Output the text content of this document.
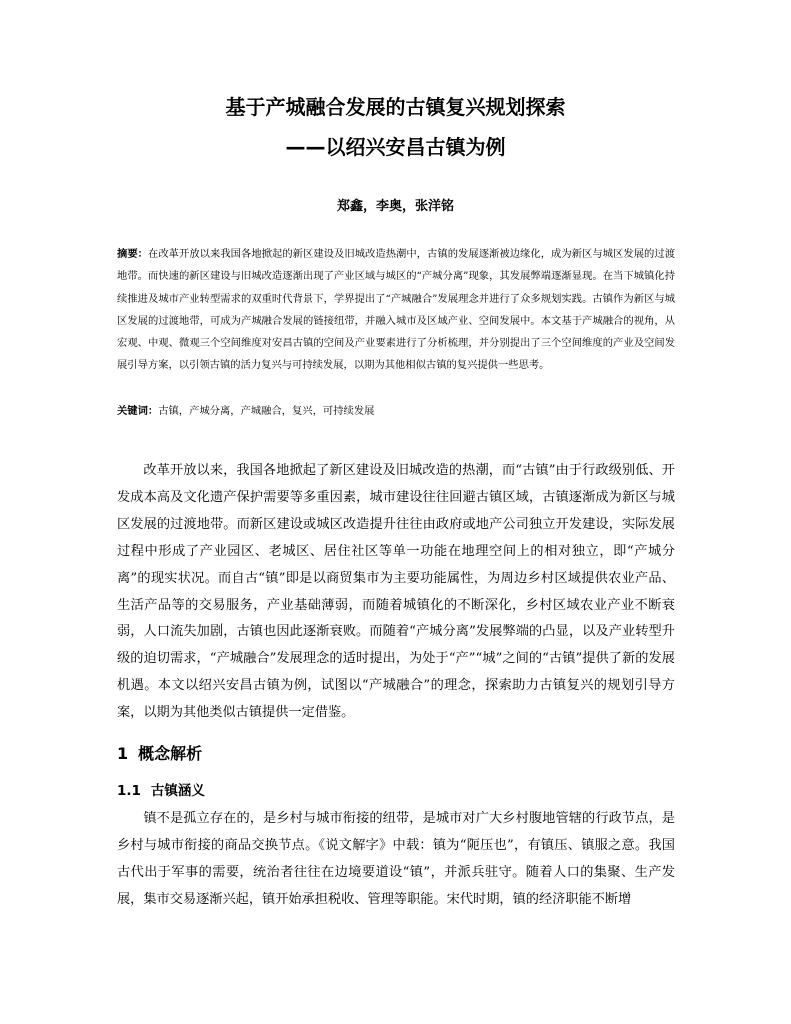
基于产城融合发展的古镇复兴规划探索
——以绍兴安昌古镇为例
郑鑫，李奥，张洋铭
摘要：在改革开放以来我国各地掀起的新区建设及旧城改造热潮中，古镇的发展逐渐被边缘化，成为新区与城区发展的过渡地带。而快速的新区建设与旧城改造逐渐出现了产业区域与城区的“产城分离”现象，其发展弊端逐渐显现。在当下城镇化持续推进及城市产业转型需求的双重时代背景下，学界提出了“产城融合”发展理念并进行了众多规划实践。古镇作为新区与城区发展的过渡地带，可成为产城融合发展的链接纽带，并融入城市及区域产业、空间发展中。本文基于产城融合的视角，从宏观、中观、微观三个空间维度对安昌古镇的空间及产业要素进行了分析梳理，并分别提出了三个空间维度的产业及空间发展引导方案，以引领古镇的活力复兴与可持续发展，以期为其他相似古镇的复兴提供一些思考。
关键词：古镇，产城分离，产城融合，复兴，可持续发展

改革开放以来，我国各地掀起了新区建设及旧城改造的热潮，而“古镇”由于行政级别低、开发成本高及文化遗产保护需要等多重因素，城市建设往往回避古镇区域，古镇逐渐成为新区与城区发展的过渡地带。而新区建设或城区改造提升往往由政府或地产公司独立开发建设，实际发展过程中形成了产业园区、老城区、居住社区等单一功能在地理空间上的相对独立，即“产城分离”的现实状况。而自古“镇”即是以商贸集市为主要功能属性，为周边乡村区域提供农业产品、生活产品等的交易服务，产业基础薄弱，而随着城镇化的不断深化，乡村区域农业产业不断衰弱，人口流失加剧，古镇也因此逐渐衰败。而随着“产城分离”发展弊端的凸显，以及产业转型升级的迫切需求，“产城融合”发展理念的适时提出，为处于“产”“城”之间的“古镇”提供了新的发展机遇。本文以绍兴安昌古镇为例，试图以“产城融合”的理念，探索助力古镇复兴的规划引导方案，以期为其他类似古镇提供一定借鉴。

1 概念解析
1.1 古镇涵义

镇不是孤立存在的，是乡村与城市衔接的纽带，是城市对广大乡村腹地管辖的行政节点，是乡村与城市衔接的商品交换节点。《说文解字》中载：镇为“阨压也”，有镇压、镇服之意。我国古代出于军事的需要，统治者往往在边境要道设“镇”，并派兵驻守。随着人口的集聚、生产发展，集市交易逐渐兴起，镇开始承担税收、管理等职能。宋代时期，镇的经济职能不断增
